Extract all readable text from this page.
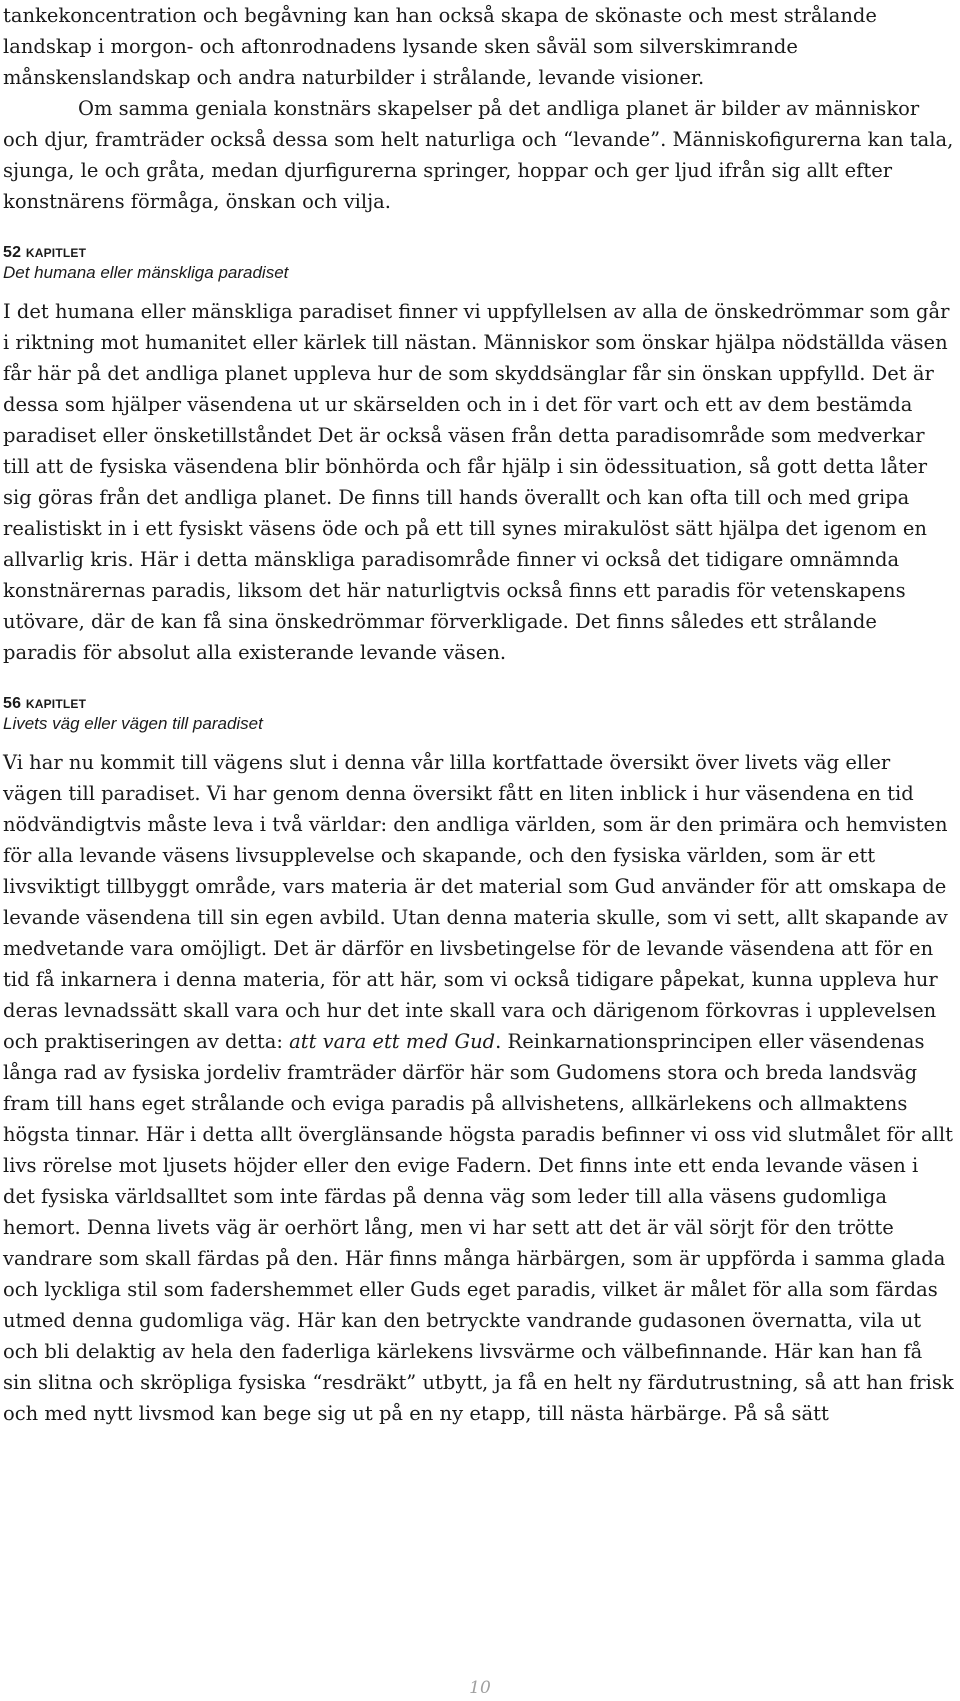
tankekoncentration och begåvning kan han också skapa de skönaste och mest strålande landskap i morgon- och aftonrodnadens lysande sken såväl som silverskimrande månskenslandskap och andra naturbilder i strålande, levande visioner.

Om samma geniala konstnärs skapelser på det andliga planet är bilder av människor och djur, framträder också dessa som helt naturliga och “levande”. Människofigurerna kan tala, sjunga, le och gråta, medan djurfigurerna springer, hoppar och ger ljud ifrån sig allt efter konstnärens förmåga, önskan och vilja.

52 kapitlet

Det humana eller mänskliga paradiset

I det humana eller mänskliga paradiset finner vi uppfyllelsen av alla de önskedrömmar som går i riktning mot humanitet eller kärlek till nästan. Människor som önskar hjälpa nödställda väsen får här på det andliga planet uppleva hur de som skyddsänglar får sin önskan uppfylld. Det är dessa som hjälper väsendena ut ur skärselden och in i det för vart och ett av dem bestämda paradiset eller önsketillståndet Det är också väsen från detta paradisområde som medverkar till att de fysiska väsendena blir bönhörda och får hjälp i sin ödessituation, så gott detta låter sig göras från det andliga planet. De finns till hands överallt och kan ofta till och med gripa realistiskt in i ett fysiskt väsens öde och på ett till synes mirakulöst sätt hjälpa det igenom en allvarlig kris. Här i detta mänskliga paradisområde finner vi också det tidigare omnämnda konstnärernas paradis, liksom det här naturligtvis också finns ett paradis för vetenskapens utövare, där de kan få sina önskedrömmar förverkligade. Det finns således ett strålande paradis för absolut alla existerande levande väsen.

56 kapitlet

Livets väg eller vägen till paradiset

Vi har nu kommit till vägens slut i denna vår lilla kortfattade översikt över livets väg eller vägen till paradiset. Vi har genom denna översikt fått en liten inblick i hur väsendena en tid nödvändigtvis måste leva i två världar: den andliga världen, som är den primära och hemvisten för alla levande väsens livsupplevelse och skapande, och den fysiska världen, som är ett livsviktigt tillbyggt område, vars materia är det material som Gud använder för att omskapa de levande väsendena till sin egen avbild. Utan denna materia skulle, som vi sett, allt skapande av medvetande vara omöjligt. Det är därför en livsbetingelse för de levande väsendena att för en tid få inkarnera i denna materia, för att här, som vi också tidigare påpekat, kunna uppleva hur deras levnadssätt skall vara och hur det inte skall vara och därigenom förkovras i upplevelsen och praktiseringen av detta: att vara ett med Gud. Reinkarnationsprincipen eller väsendenas långa rad av fysiska jordeliv framträder därför här som Gudomens stora och breda landsväg fram till hans eget strålande och eviga paradis på allvishetens, allkärlekens och allmaktens högsta tinnar. Här i detta allt överglänsande högsta paradis befinner vi oss vid slutmålet för allt livs rörelse mot ljusets höjder eller den evige Fadern. Det finns inte ett enda levande väsen i det fysiska världsalltet som inte färdas på denna väg som leder till alla väsens gudomliga hemort. Denna livets väg är oerhört lång, men vi har sett att det är väl sörjt för den trötte vandrare som skall färdas på den. Här finns många härbärgen, som är uppförda i samma glada och lyckliga stil som fadershemmet eller Guds eget paradis, vilket är målet för alla som färdas utmed denna gudomliga väg. Här kan den betryckte vandrande gudasonen övernatta, vila ut och bli delaktig av hela den faderliga kärlekens livsvärme och välbefinnande. Här kan han få sin slitna och skröpliga fysiska “resdräkt” utbytt, ja få en helt ny färdutrustning, så att han frisk och med nytt livsmod kan bege sig ut på en ny etapp, till nästa härbärge. På så sätt

10
